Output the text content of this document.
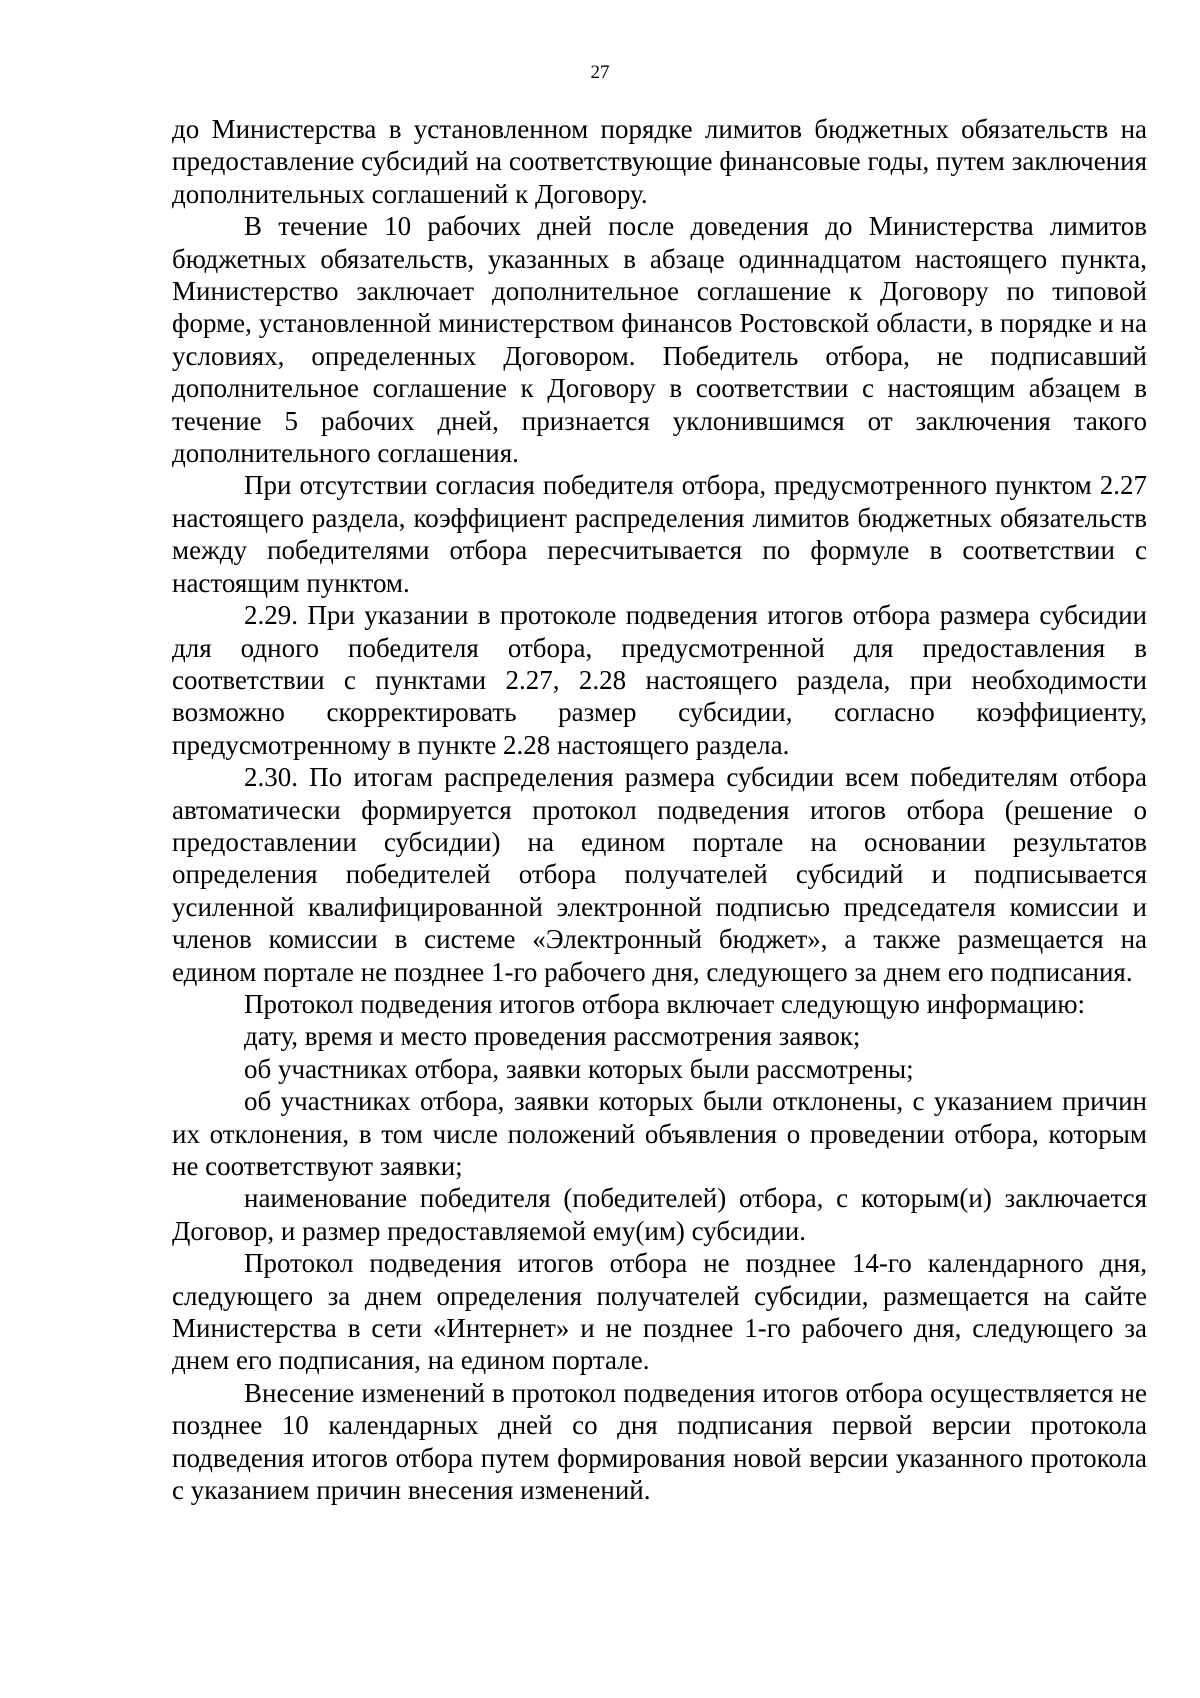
27

до Министерства в установленном порядке лимитов бюджетных обязательств на предоставление субсидий на соответствующие финансовые годы, путем заключения дополнительных соглашений к Договору.

В течение 10 рабочих дней после доведения до Министерства лимитов бюджетных обязательств, указанных в абзаце одиннадцатом настоящего пункта, Министерство заключает дополнительное соглашение к Договору по типовой форме, установленной министерством финансов Ростовской области, в порядке и на условиях, определенных Договором. Победитель отбора, не подписавший дополнительное соглашение к Договору в соответствии с настоящим абзацем в течение 5 рабочих дней, признается уклонившимся от заключения такого дополнительного соглашения.

При отсутствии согласия победителя отбора, предусмотренного пунктом 2.27 настоящего раздела, коэффициент распределения лимитов бюджетных обязательств между победителями отбора пересчитывается по формуле в соответствии с настоящим пунктом.

2.29. При указании в протоколе подведения итогов отбора размера субсидии для одного победителя отбора, предусмотренной для предоставления в соответствии с пунктами 2.27, 2.28 настоящего раздела, при необходимости возможно скорректировать размер субсидии, согласно коэффициенту, предусмотренному в пункте 2.28 настоящего раздела.

2.30. По итогам распределения размера субсидии всем победителям отбора автоматически формируется протокол подведения итогов отбора (решение о предоставлении субсидии) на едином портале на основании результатов определения победителей отбора получателей субсидий и подписывается усиленной квалифицированной электронной подписью председателя комиссии и членов комиссии в системе «Электронный бюджет», а также размещается на едином портале не позднее 1-го рабочего дня, следующего за днем его подписания.

Протокол подведения итогов отбора включает следующую информацию:

дату, время и место проведения рассмотрения заявок;

об участниках отбора, заявки которых были рассмотрены;

об участниках отбора, заявки которых были отклонены, с указанием причин их отклонения, в том числе положений объявления о проведении отбора, которым не соответствуют заявки;

наименование победителя (победителей) отбора, с которым(и) заключается Договор, и размер предоставляемой ему(им) субсидии.

Протокол подведения итогов отбора не позднее 14-го календарного дня, следующего за днем определения получателей субсидии, размещается на сайте Министерства в сети «Интернет» и не позднее 1-го рабочего дня, следующего за днем его подписания, на едином портале.

Внесение изменений в протокол подведения итогов отбора осуществляется не позднее 10 календарных дней со дня подписания первой версии протокола подведения итогов отбора путем формирования новой версии указанного протокола с указанием причин внесения изменений.
